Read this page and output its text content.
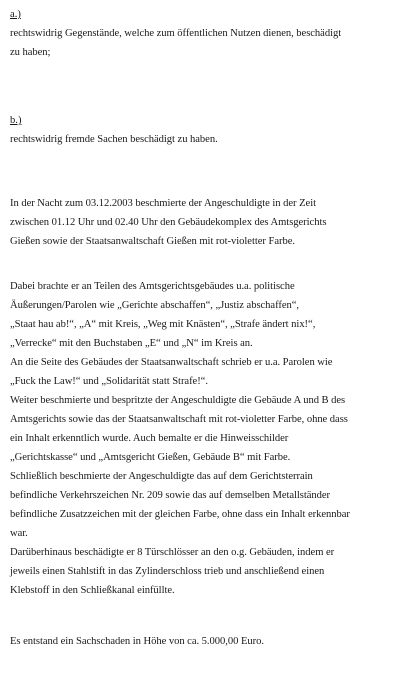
a.)
rechtswidrig Gegenstände, welche zum öffentlichen Nutzen dienen, beschädigt
zu haben;
b.)
rechtswidrig fremde Sachen beschädigt zu haben.
In der Nacht zum 03.12.2003 beschmierte der Angeschuldigte in der Zeit
zwischen 01.12 Uhr und 02.40 Uhr den Gebäudekomplex des Amtsgerichts
Gießen sowie der Staatsanwaltschaft Gießen mit rot-violetter Farbe.
Dabei brachte er an Teilen des Amtsgerichtsgebäudes u.a. politische
Äußerungen/Parolen wie „Gerichte abschaffen“, „Justiz abschaffen“,
„Staat hau ab!“, „A“ mit Kreis, „Weg mit Knästen“, „Strafe ändert nix!“,
„Verrecke“ mit den Buchstaben „E“ und „N“ im Kreis an.
An die Seite des Gebäudes der Staatsanwaltschaft schrieb er u.a. Parolen wie
„Fuck the Law!“ und „Solidarität statt Strafe!“.
Weiter beschmierte und bespritzte der Angeschuldigte die Gebäude A und B des
Amtsgerichts sowie das der Staatsanwaltschaft mit rot-violetter Farbe, ohne dass
ein Inhalt erkenntlich wurde. Auch bemalte er die Hinweisschilder
„Gerichtskasse“ und „Amtsgericht Gießen, Gebäude B“ mit Farbe.
Schließlich beschmierte der Angeschuldigte das auf dem Gerichtsterrain
befindliche Verkehrszeichen Nr. 209 sowie das auf demselben Metallständer
befindliche Zusatzzeichen mit der gleichen Farbe, ohne dass ein Inhalt erkennbar
war.
Darüberhinaus beschädigte er 8 Türschlösser an den o.g. Gebäuden, indem er
jeweils einen Stahlstift in das Zylinderschloss trieb und anschließend einen
Klebstoff in den Schließkanal einfüllte.
Es entstand ein Sachschaden in Höhe von ca. 5.000,00 Euro.
